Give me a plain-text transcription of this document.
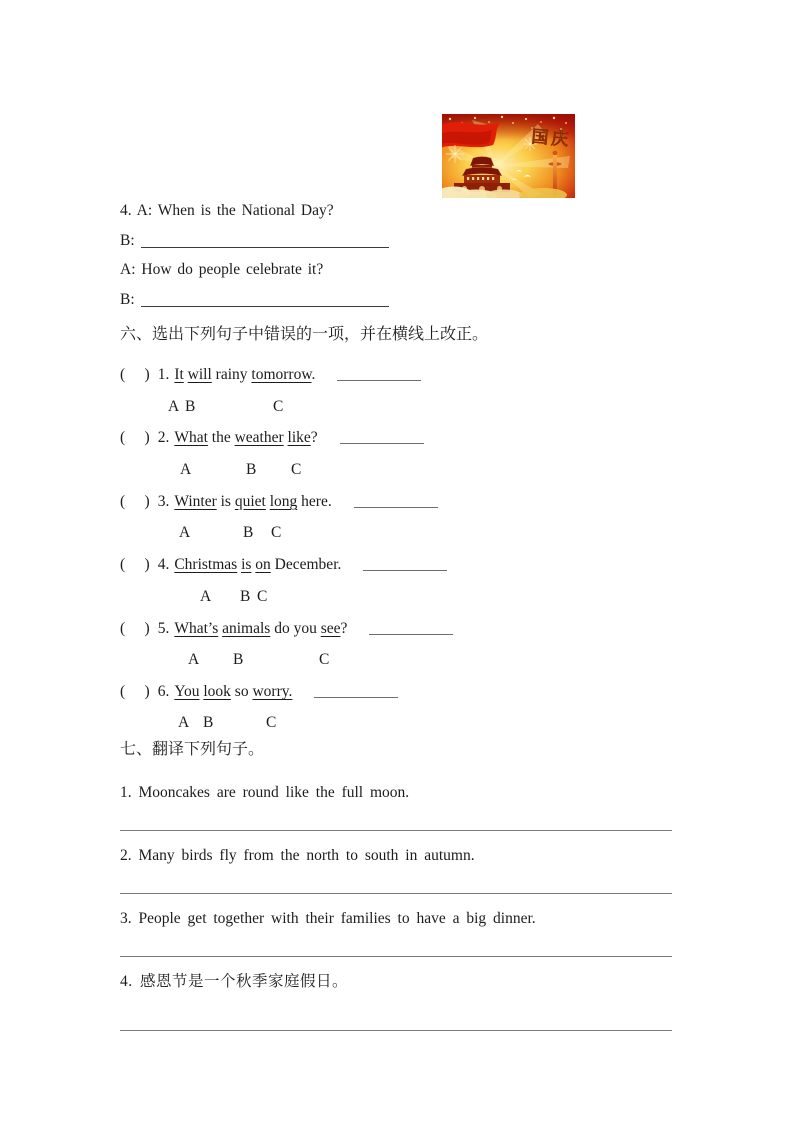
国庆
4. A: When is the National Day?
B:
A: How do people celebrate it?
B:
六、选出下列句子中错误的一项，并在横线上改正。
(     ) 1. It will rainy tomorrow.
A B	C
(     ) 2. What the weather like?
A	B C
(     ) 3. Winter is quiet long here.
A	B C
(     ) 4. Christmas is on December.
A B C
(     ) 5. What’s animals do you see?
A B	C
(     ) 6. You look so worry.
A B	C
七、翻译下列句子。
1. Mooncakes are round like the full moon.
2. Many birds fly from the north to south in autumn.
3. People get together with their families to have a big dinner.
4. 感恩节是一个秋季家庭假日。
